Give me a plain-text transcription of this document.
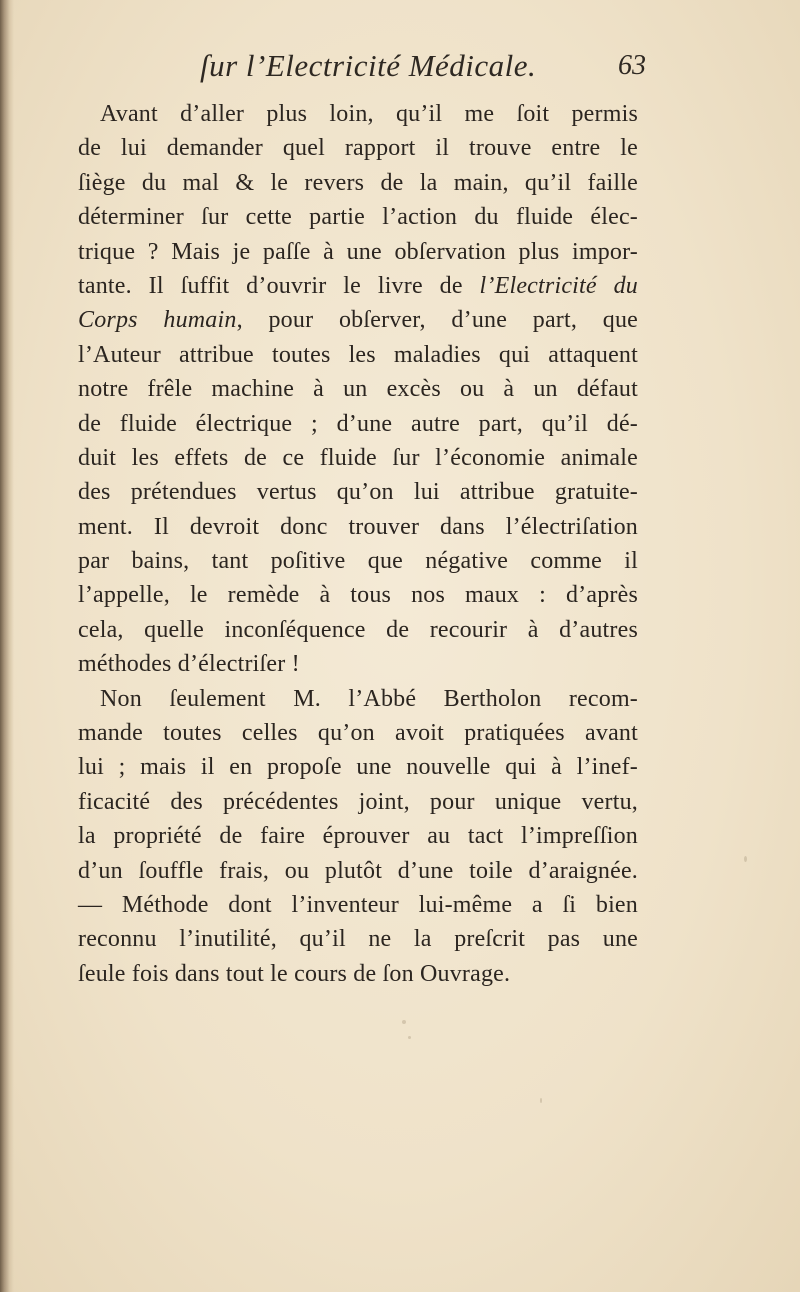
ſur l’Electricité Médicale.	63
Avant d’aller plus loin, qu’il me ſoit permis
de lui demander quel rapport il trouve entre le
ſiège du mal & le revers de la main, qu’il faille
déterminer ſur cette partie l’action du fluide élec-
trique ? Mais je paſſe à une obſervation plus impor-
tante. Il ſuffit d’ouvrir le livre de l’Electricité du
Corps humain, pour obſerver, d’une part, que
l’Auteur attribue toutes les maladies qui attaquent
notre frêle machine à un excès ou à un défaut
de fluide électrique ; d’une autre part, qu’il dé-
duit les effets de ce fluide ſur l’économie animale
des prétendues vertus qu’on lui attribue gratuite-
ment. Il devroit donc trouver dans l’électriſation
par bains, tant poſitive que négative comme il
l’appelle, le remède à tous nos maux : d’après
cela, quelle inconſéquence de recourir à d’autres
méthodes d’électriſer !
Non ſeulement M. l’Abbé Bertholon recom-
mande toutes celles qu’on avoit pratiquées avant
lui ; mais il en propoſe une nouvelle qui à l’inef-
ficacité des précédentes joint, pour unique vertu,
la propriété de faire éprouver au tact l’impreſſion
d’un ſouffle frais, ou plutôt d’une toile d’araignée.
— Méthode dont l’inventeur lui-même a ſi bien
reconnu l’inutilité, qu’il ne la preſcrit pas une
ſeule fois dans tout le cours de ſon Ouvrage.
